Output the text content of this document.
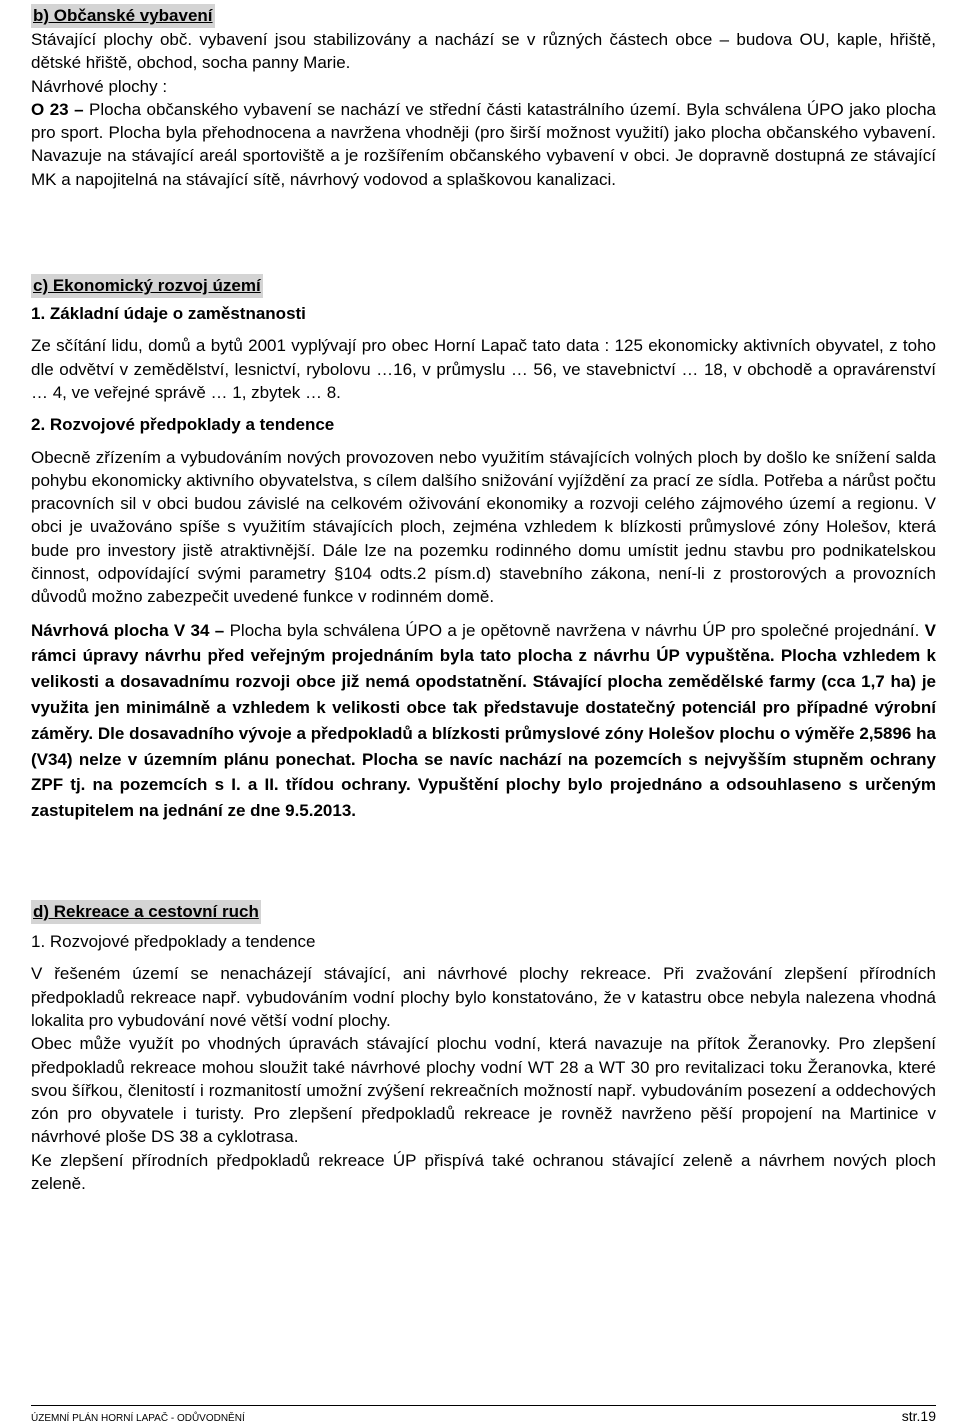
b) Občanské vybavení

Stávající plochy obč. vybavení jsou stabilizovány a nachází se v různých částech obce – budova OU, kaple, hřiště, dětské hřiště, obchod, socha panny Marie.

Návrhové plochy :

O 23 – Plocha občanského vybavení se nachází ve střední části katastrálního území. Byla schválena ÚPO jako plocha pro sport. Plocha byla přehodnocena a navržena vhodněji (pro širší možnost využití) jako plocha občanského vybavení. Navazuje na stávající areál sportoviště a je rozšířením občanského vybavení v obci. Je dopravně dostupná ze stávající MK a napojitelná na stávající sítě, návrhový vodovod a splaškovou kanalizaci.

c) Ekonomický rozvoj území

1. Základní údaje o zaměstnanosti

Ze sčítání lidu, domů a bytů 2001 vyplývají pro obec Horní Lapač tato data : 125 ekonomicky aktivních obyvatel, z toho dle odvětví v zemědělství, lesnictví, rybolovu …16, v průmyslu … 56, ve stavebnictví … 18, v obchodě a opravárenství … 4, ve veřejné správě … 1, zbytek … 8.

2. Rozvojové předpoklady a tendence

Obecně zřízením a vybudováním nových provozoven nebo využitím stávajících volných ploch by došlo ke snížení salda pohybu ekonomicky aktivního obyvatelstva, s cílem dalšího snižování vyjíždění za prací ze sídla. Potřeba a nárůst počtu pracovních sil v obci budou závislé na celkovém oživování ekonomiky a rozvoji celého zájmového území a regionu. V obci je uvažováno spíše s využitím stávajících ploch, zejména vzhledem k blízkosti průmyslové zóny Holešov, která bude pro investory jistě atraktivnější. Dále lze na pozemku rodinného domu umístit jednu stavbu pro podnikatelskou činnost, odpovídající svými parametry §104 odts.2 písm.d) stavebního zákona, není-li z prostorových a provozních důvodů možno zabezpečit uvedené funkce v rodinném domě.

Návrhová plocha V 34 – Plocha byla schválena ÚPO a je opětovně navržena v návrhu ÚP pro společné projednání. V rámci úpravy návrhu před veřejným projednáním byla tato plocha z návrhu ÚP vypuštěna. Plocha vzhledem k velikosti a dosavadnímu rozvoji obce již nemá opodstatnění. Stávající plocha zemědělské farmy (cca 1,7 ha) je využita jen minimálně a vzhledem k velikosti obce tak představuje dostatečný potenciál pro případné výrobní záměry. Dle dosavadního vývoje a předpokladů a blízkosti průmyslové zóny Holešov plochu o výměře 2,5896 ha (V34) nelze v územním plánu ponechat. Plocha se navíc nachází na pozemcích s nejvyšším stupněm ochrany ZPF tj. na pozemcích s I. a II. třídou ochrany. Vypuštění plochy bylo projednáno a odsouhlaseno s určeným zastupitelem na jednání ze dne 9.5.2013.

d) Rekreace a cestovní ruch

1. Rozvojové předpoklady a tendence

V řešeném území se nenacházejí stávající, ani návrhové plochy rekreace. Při zvažování zlepšení přírodních předpokladů rekreace např. vybudováním vodní plochy bylo konstatováno, že v katastru obce nebyla nalezena vhodná lokalita pro vybudování nové větší vodní plochy.

Obec může využít po vhodných úpravách stávající plochu vodní, která navazuje na přítok Žeranovky. Pro zlepšení předpokladů rekreace mohou sloužit také návrhové plochy vodní WT 28 a WT 30 pro revitalizaci toku Žeranovka, které svou šířkou, členitostí i rozmanitostí umožní zvýšení rekreačních možností např. vybudováním posezení a oddechových zón pro obyvatele i turisty. Pro zlepšení předpokladů rekreace je rovněž navrženo pěší propojení na Martinice v návrhové ploše DS 38 a cyklotrasa.

Ke zlepšení přírodních předpokladů rekreace ÚP přispívá také ochranou stávající zeleně a návrhem nových ploch zeleně.

ÚZEMNÍ PLÁN HORNÍ LAPAČ - ODŮVODNĚNÍ	str.19
